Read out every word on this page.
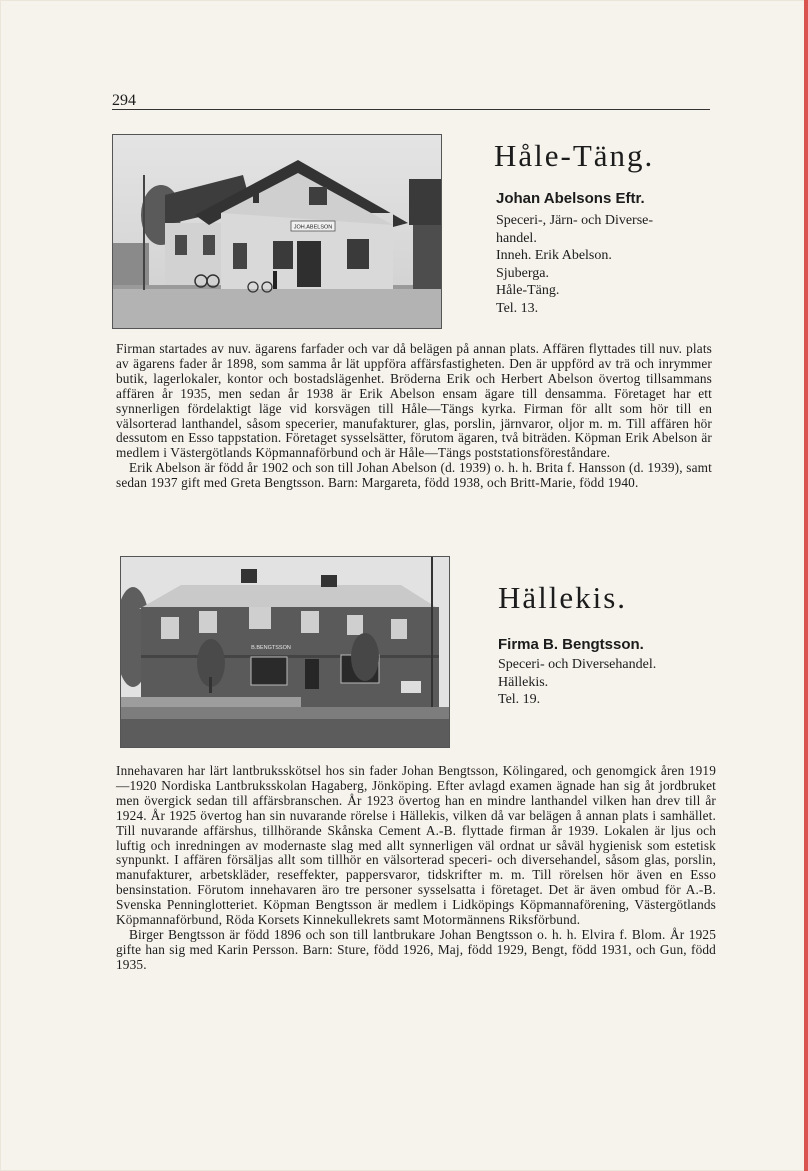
294
JOH.ABELSON
Håle-Täng.
Johan Abelsons Eftr.
Speceri-, Järn- och Diverse-
handel.
Inneh. Erik Abelson.
Sjuberga.
Håle-Täng.
Tel. 13.

Firman startades av nuv. ägarens farfader och var då belägen på annan plats. Affären flyttades till nuv. plats av ägarens fader år 1898, som samma år lät uppföra affärsfastigheten. Den är uppförd av trä och inrymmer butik, lagerlokaler, kontor och bostadslägenhet. Bröderna Erik och Herbert Abelson övertog tillsammans affären år 1935, men sedan år 1938 är Erik Abelson ensam ägare till densamma. Företaget har ett synnerligen fördelaktigt läge vid korsvägen till Håle—Tängs kyrka. Firman för allt som hör till en välsorterad lanthandel, såsom specerier, manufakturer, glas, porslin, järnvaror, oljor m. m. Till affären hör dessutom en Esso tappstation. Företaget sysselsätter, förutom ägaren, två biträden. Köpman Erik Abelson är medlem i Västergötlands Köpmannaförbund och är Håle—Tängs poststationsföreståndare.

Erik Abelson är född år 1902 och son till Johan Abelson (d. 1939) o. h. h. Brita f. Hansson (d. 1939), samt sedan 1937 gift med Greta Bengtsson. Barn: Margareta, född 1938, och Britt-Marie, född 1940.

B.BENGTSSON
Hällekis.
Firma B. Bengtsson.
Speceri- och Diversehandel.
Hällekis.
Tel. 19.

Innehavaren har lärt lantbruksskötsel hos sin fader Johan Bengtsson, Kölingared, och genomgick åren 1919—1920 Nordiska Lantbruksskolan Hagaberg, Jönköping. Efter avlagd examen ägnade han sig åt jordbruket men övergick sedan till affärsbranschen. År 1923 övertog han en mindre lanthandel vilken han drev till år 1924. År 1925 övertog han sin nuvarande rörelse i Hällekis, vilken då var belägen å annan plats i samhället. Till nuvarande affärshus, tillhörande Skånska Cement A.-B. flyttade firman år 1939. Lokalen är ljus och luftig och inredningen av modernaste slag med allt synnerligen väl ordnat ur såväl hygienisk som estetisk synpunkt. I affären försäljas allt som tillhör en välsorterad speceri- och diversehandel, såsom glas, porslin, manufakturer, arbetskläder, reseffekter, pappersvaror, tidskrifter m. m. Till rörelsen hör även en Esso bensinstation. Förutom innehavaren äro tre personer sysselsatta i företaget. Det är även ombud för A.-B. Svenska Penninglotteriet. Köpman Bengtsson är medlem i Lidköpings Köpmannaförening, Västergötlands Köpmannaförbund, Röda Korsets Kinnekullekrets samt Motormännens Riksförbund.

Birger Bengtsson är född 1896 och son till lantbrukare Johan Bengtsson o. h. h. Elvira f. Blom. År 1925 gifte han sig med Karin Persson. Barn: Sture, född 1926, Maj, född 1929, Bengt, född 1931, och Gun, född 1935.
